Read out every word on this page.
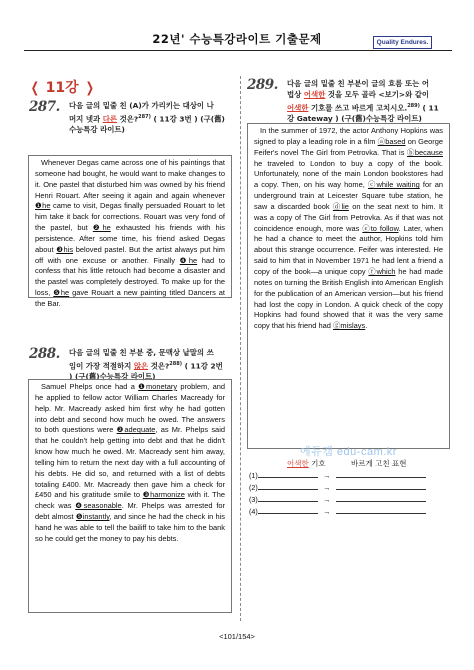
22년' 수능특강라이트 기출문제	Quality Endures.
❮ 11강 ❯
287. 다음 글의 밑줄 친 (A)가 가리키는 대상이 나
머지 넷과 다른 것은?$^{287)}$ ( 11강 3번 ) (구(舊)
수능특강 라이트)

Whenever Degas came across one of his paintings that someone had bought, he would want to make changes to it. One pastel that disturbed him was owned by his friend Henri Rouart. After seeing it again and again whenever ❶he came to visit, Degas finally persuaded Rouart to let him take it back for corrections. Rouart was very fond of the pastel, but ❷he exhausted his friends with his persistence. After some time, his friend asked Degas about ❸his beloved pastel. But the artist always put him off with one excuse or another. Finally ❹he had to confess that his little retouch had become a disaster and the pastel was completely destroyed. To make up for the loss, ❺he gave Rouart a new painting titled Dancers at the Bar.

288. 다음 글의 밑줄 친 부분 중, 문맥상 낱말의 쓰
임이 가장 적절하지 않은 것은?$^{288)}$ ( 11강 2번
) (구(舊)수능특강 라이트)

Samuel Phelps once had a ❶monetary problem, and he applied to fellow actor William Charles Macready for help. Mr. Macready asked him first why he had gotten into debt and second how much he owed. The answers to both questions were ❷adequate, as Mr. Phelps said that he couldn't help getting into debt and that he didn't know how much he owed. Mr. Macready sent him away, telling him to return the next day with a full accounting of his debts. He did so, and returned with a list of debts totaling £400. Mr. Macready then gave him a check for £450 and his gratitude smile to ❸harmonize with it. The check was ❹seasonable. Mr. Phelps was arrested for debt almost ❺instantly, and since he had the check in his hand he was able to tell the bailiff to take him to the bank so he could get the money to pay his debts.

289. 다음 글의 밑줄 친 부분이 글의 흐름 또는 어
법상 어색한 것을 모두 골라 <보기>와 같이
어색한 기호를 쓰고 바르게 고치시오.$^{289)}$ ( 11
강 Gateway ) (구(舊)수능특강 라이트)

In the summer of 1972, the actor Anthony Hopkins was signed to play a leading role in a film ⓐbased on George Feifer's novel The Girl from Petrovka. That is ⓑbecause he traveled to London to buy a copy of the book. Unfortunately, none of the main London bookstores had a copy. Then, on his way home, ⓒwhile waiting for an underground train at Leicester Square tube station, he saw a discarded book ⓓlie on the seat next to him. It was a copy of The Girl from Petrovka. As if that was not coincidence enough, more was ⓔto follow. Later, when he had a chance to meet the author, Hopkins told him about this strange occurrence. Feifer was interested. He said to him that in November 1971 he had lent a friend a copy of the book—a unique copy ⓕwhich he had made notes on turning the British English into American English for the publication of an American version—but his friend had lost the copy in London. A quick check of the copy Hopkins had found showed that it was the very same copy that his friend had ⓖmislays.

에듀캠 edu-cam.kr
어색한 기호	바르게 고친 표현
(1)	→
(2)	→
(3)	→
(4)	→
<101/154>
